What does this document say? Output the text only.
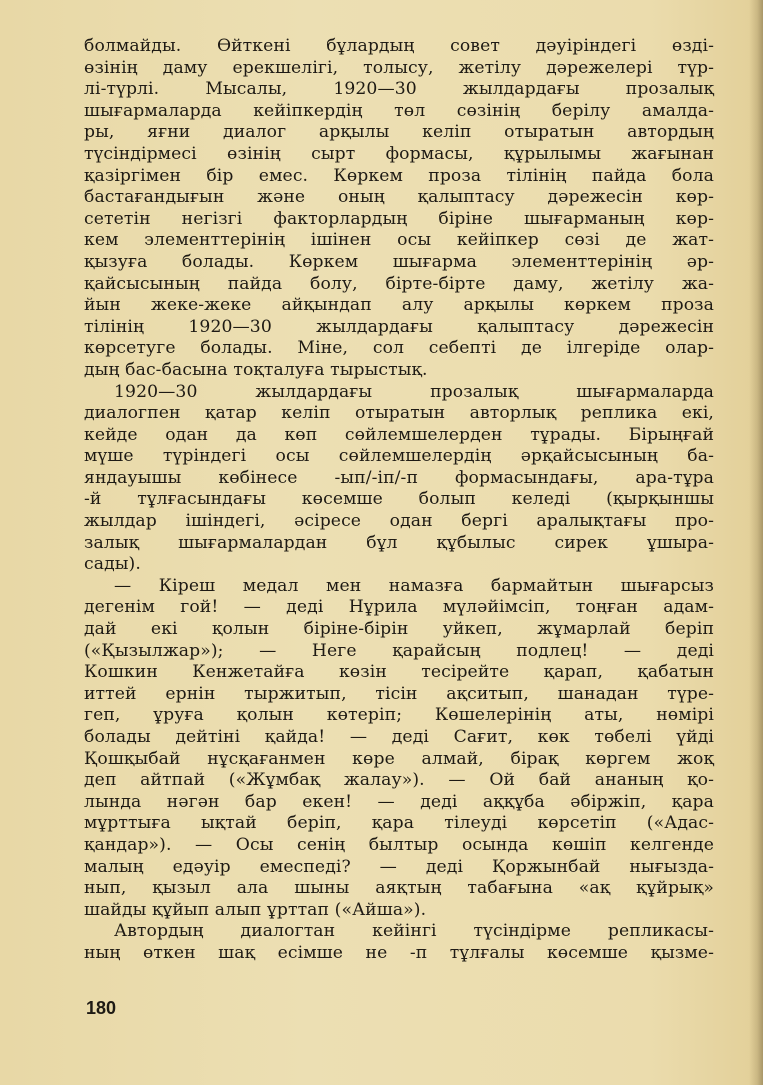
болмайды. Өйткені бұлардың совет дәуіріндегі өзді-
өзінің даму ерекшелігі, толысу, жетілу дәрежелері түр-
лі-түрлі. Мысалы, 1920—30 жылдардағы прозалық
шығармаларда кейіпкердің төл сөзінің берілу амалда-
ры, яғни диалог арқылы келіп отыратын автордың
түсіндірмесі өзінің сырт формасы, құрылымы жағынан
қазіргімен бір емес. Көркем проза тілінің пайда бола
бастағандығын және оның қалыптасу дәрежесін көр-
сететін негізгі факторлардың біріне шығарманың көр-
кем элементтерінің ішінен осы кейіпкер сөзі де жат-
қызуға болады. Көркем шығарма элементтерінің әр-
қайсысының пайда болу, біртe-біртe даму, жетілу жа-
йын жеке-жеке айқындап алу арқылы көркем проза
тілінің 1920—30 жылдардағы қалыптасу дәрежесін
көрсетуге болады. Міне, сол себепті де ілгеріде олар-
дың бас-басына тоқталуға тырыстық.
1920—30 жылдардағы прозалық шығармаларда
диалогпен қатар келіп отыратын авторлық реплика екі,
кейде одан да көп сөйлемшелерден тұрады. Бірыңғай
мүше түріндегі осы сөйлемшелердің әрқайсысының ба-
яндауышы көбінесе -ып/-іп/-п формасындағы, ара-тұра
-й тұлғасындағы көсемше болып келеді (қырқыншы
жылдар ішіндегі, әсіресе одан бергі аралықтағы про-
залық шығармалардан бұл құбылыс сирек ұшыра-
сады).
— Кіреш медал мен намазға бармайтын шығарсыз
дегенім гой! — деді Нұрила мүләйімсіп, тоңған адам-
дай екі қолын біріне-бірін уйкеп, жұмарлай беріп
(«Қызылжар»); — Неге қарайсың подлец! — деді
Кошкин Кенжетайға көзін тесірейте қарап, қабатын
иттей ернін тыржитып, тісін ақситып, шанадан түре-
геп, ұруға қолын көтеріп; Көшелерінің аты, нөмірі
болады дейтіні қайда! — деді Сағит, көк төбелі үйді
Қошқыбай нұсқағанмен көре алмай, бірақ көргем жоқ
деп айтпай («Жұмбақ жалау»). — Ой бай ананың қо-
лында нәгән бар екен! — деді аққұба әбіржіп, қара
мұрттыға ықтай беріп, қара тілеуді көрсетіп («Адас-
қандар»). — Осы сенің былтыр осында көшіп келгенде
малың едәуір емеспеді? — деді Қоржынбай нығызда-
нып, қызыл ала шыны аяқтың табағына «ақ құйрық»
шайды құйып алып ұрттап («Айша»).
Автордың диалогтан кейінгі түсіндірме репликасы-
ның өткен шақ есімше не -п тұлғалы көсемше қызме-
180
